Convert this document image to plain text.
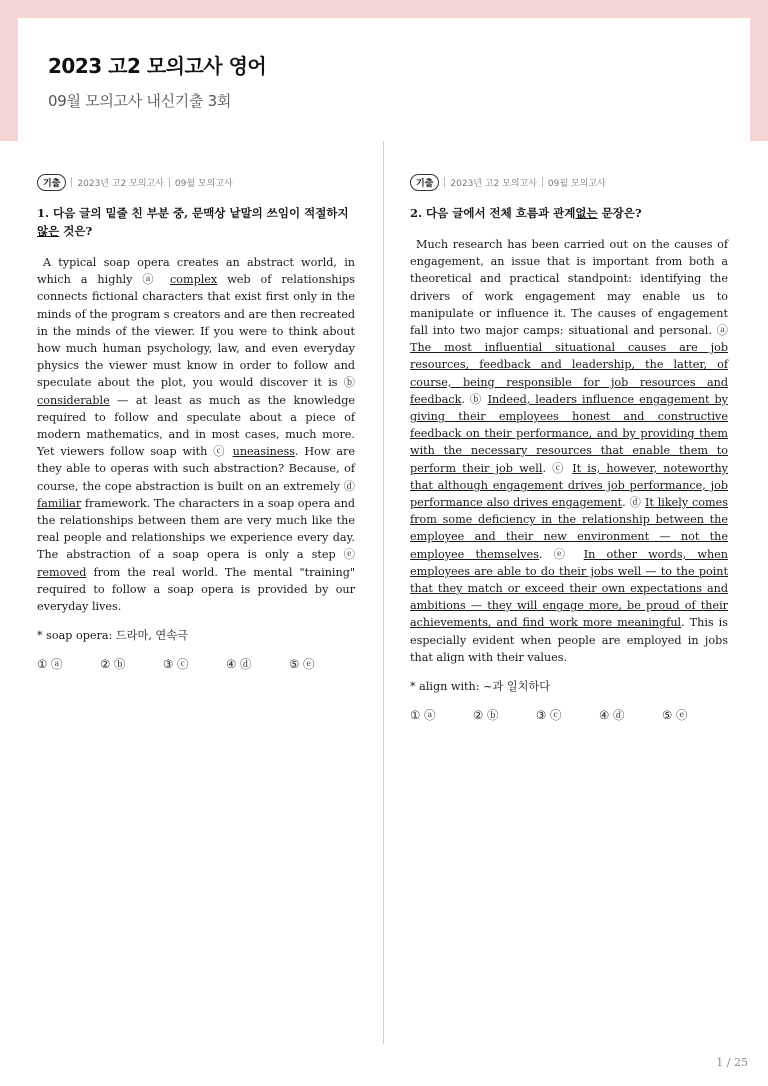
2023 고2 모의고사 영어

09월 모의고사 내신기출 3회

기출	2023년 고2 모의고사 09월 모의고사

1. 다음 글의 밑줄 친 부분 중, 문맥상 낱말의 쓰임이 적절하지 않은 것은?

A typical soap opera creates an abstract world, in which a highly ⓐ complex web of relationships connects fictional characters that exist first only in the minds of the program s creators and are then recreated in the minds of the viewer. If you were to think about how much human psychology, law, and even everyday physics the viewer must know in order to follow and speculate about the plot, you would discover it is ⓑ considerable — at least as much as the knowledge required to follow and speculate about a piece of modern mathematics, and in most cases, much more. Yet viewers follow soap with ⓒ uneasiness. How are they able to operas with such abstraction? Because, of course, the cope abstraction is built on an extremely ⓓ familiar framework. The characters in a soap opera and the relationships between them are very much like the real people and relationships we experience every day. The abstraction of a soap opera is only a step ⓔ removed from the real world. The mental "training" required to follow a soap opera is provided by our everyday lives.

* soap opera: 드라마, 연속극

① ⓐ	② ⓑ	③ ⓒ	④ ⓓ	⑤ ⓔ
기출	2023년 고2 모의고사 09월 모의고사

2. 다음 글에서 전체 흐름과 관계없는 문장은?

Much research has been carried out on the causes of engagement, an issue that is important from both a theoretical and practical standpoint: identifying the drivers of work engagement may enable us to manipulate or influence it. The causes of engagement fall into two major camps: situational and personal. ⓐ The most influential situational causes are job resources, feedback and leadership, the latter, of course, being responsible for job resources and feedback. ⓑ Indeed, leaders influence engagement by giving their employees honest and constructive feedback on their performance, and by providing them with the necessary resources that enable them to perform their job well. ⓒ It is, however, noteworthy that although engagement drives job performance, job performance also drives engagement. ⓓ It likely comes from some deficiency in the relationship between the employee and their new environment — not the employee themselves. ⓔ In other words, when employees are able to do their jobs well — to the point that they match or exceed their own expectations and ambitions — they will engage more, be proud of their achievements, and find work more meaningful. This is especially evident when people are employed in jobs that align with their values.

* align with: ~과 일치하다

① ⓐ	② ⓑ	③ ⓒ	④ ⓓ	⑤ ⓔ
1 / 25
